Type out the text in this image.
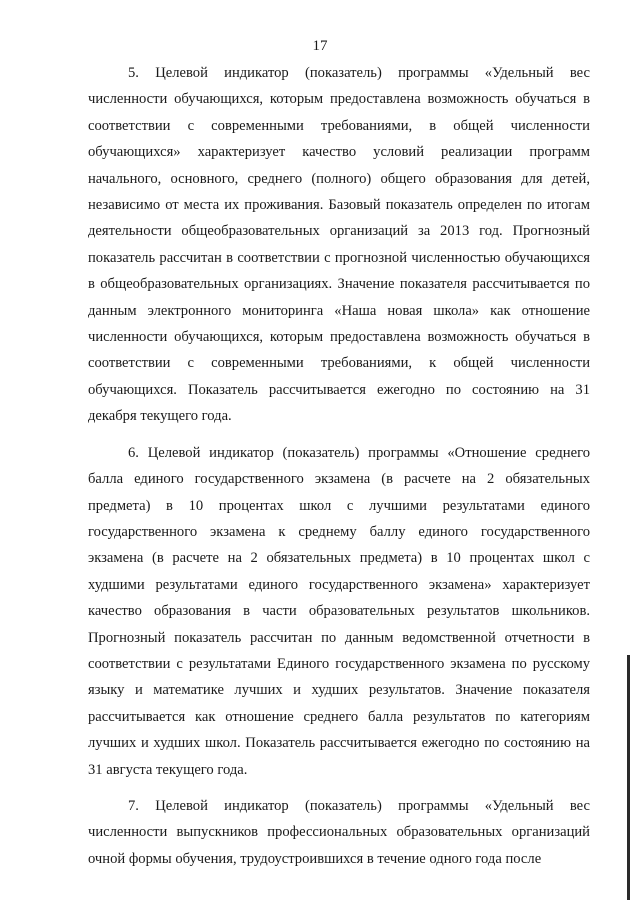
17

5. Целевой индикатор (показатель) программы «Удельный вес численности обучающихся, которым предоставлена возможность обучаться в соответствии с современными требованиями, в общей численности обучающихся» характеризует качество условий реализации программ начального, основного, среднего (полного) общего образования для детей, независимо от места их проживания. Базовый показатель определен по итогам деятельности общеобразовательных организаций за 2013 год. Прогнозный показатель рассчитан в соответствии с прогнозной численностью обучающихся в общеобразовательных организациях. Значение показателя рассчитывается по данным электронного мониторинга «Наша новая школа» как отношение численности обучающихся, которым предоставлена возможность обучаться в соответствии с современными требованиями, к общей численности обучающихся. Показатель рассчитывается ежегодно по состоянию на 31 декабря текущего года.

6. Целевой индикатор (показатель) программы «Отношение среднего балла единого государственного экзамена (в расчете на 2 обязательных предмета) в 10 процентах школ с лучшими результатами единого государственного экзамена к среднему баллу единого государственного экзамена (в расчете на 2 обязательных предмета) в 10 процентах школ с худшими результатами единого государственного экзамена» характеризует качество образования в части образовательных результатов школьников. Прогнозный показатель рассчитан по данным ведомственной отчетности в соответствии с результатами Единого государственного экзамена по русскому языку и математике лучших и худших результатов. Значение показателя рассчитывается как отношение среднего балла результатов по категориям лучших и худших школ. Показатель рассчитывается ежегодно по состоянию на 31 августа текущего года.

7. Целевой индикатор (показатель) программы «Удельный вес численности выпускников профессиональных образовательных организаций очной формы обучения, трудоустроившихся в течение одного года после
